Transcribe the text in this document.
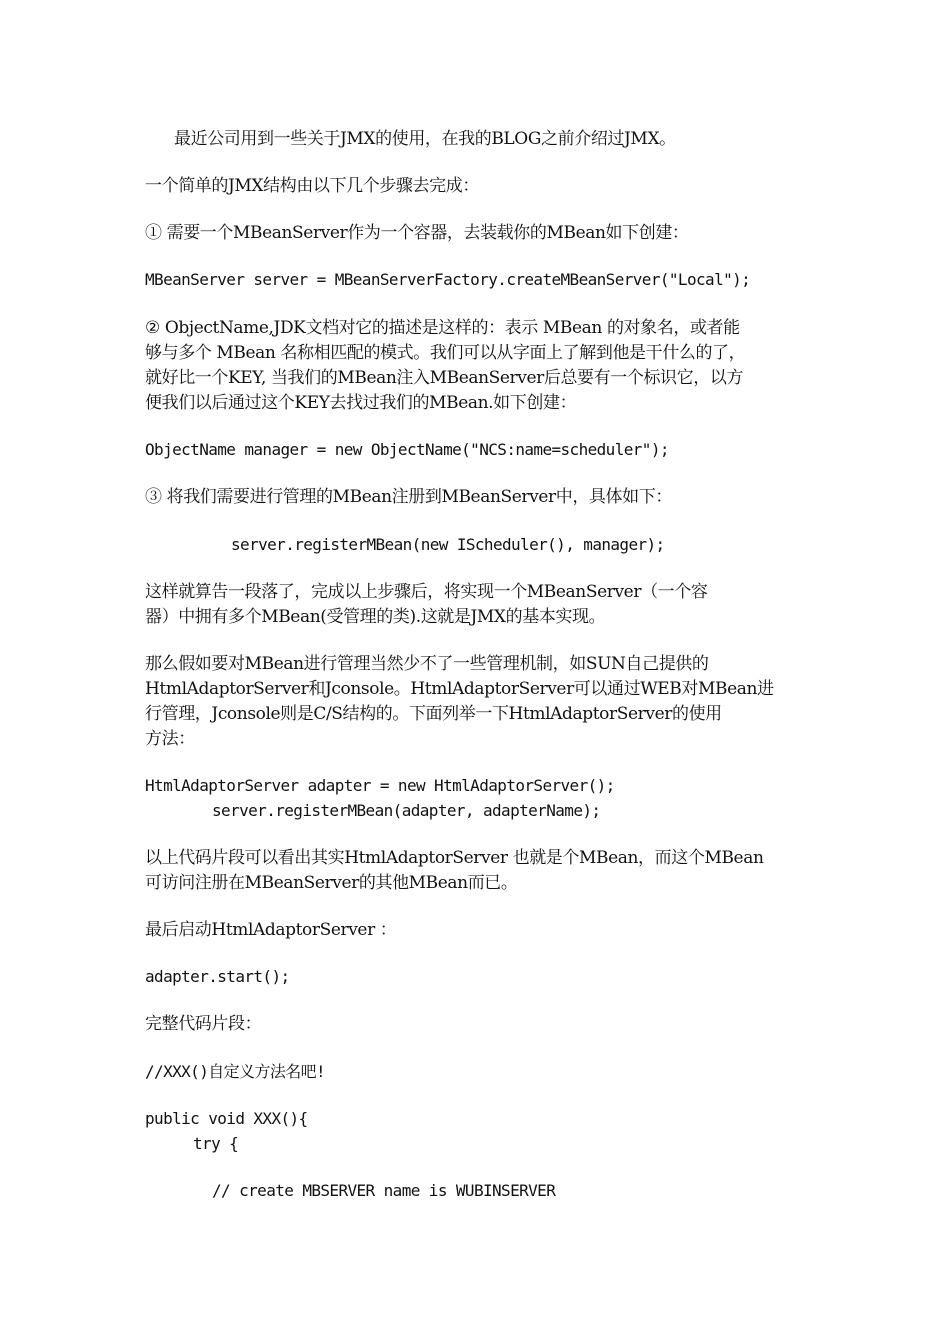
最近公司用到一些关于JMX的使用，在我的BLOG之前介绍过JMX。

一个简单的JMX结构由以下几个步骤去完成：

① 需要一个MBeanServer作为一个容器，去装载你的MBean如下创建：

MBeanServer server = MBeanServerFactory.createMBeanServer("Local");

② ObjectName,JDK文档对它的描述是这样的：表示 MBean 的对象名，或者能

够与多个 MBean 名称相匹配的模式。我们可以从字面上了解到他是干什么的了，

就好比一个KEY, 当我们的MBean注入MBeanServer后总要有一个标识它，以方

便我们以后通过这个KEY去找过我们的MBean.如下创建：

ObjectName manager = new ObjectName("NCS:name=scheduler");

③ 将我们需要进行管理的MBean注册到MBeanServer中，具体如下：

server.registerMBean(new IScheduler(), manager);

这样就算告一段落了，完成以上步骤后，将实现一个MBeanServer（一个容

器）中拥有多个MBean(受管理的类).这就是JMX的基本实现。

那么假如要对MBean进行管理当然少不了一些管理机制，如SUN自己提供的

HtmlAdaptorServer和Jconsole。HtmlAdaptorServer可以通过WEB对MBean进

行管理，Jconsole则是C/S结构的。下面列举一下HtmlAdaptorServer的使用

方法：

HtmlAdaptorServer adapter = new HtmlAdaptorServer();

server.registerMBean(adapter, adapterName);

以上代码片段可以看出其实HtmlAdaptorServer 也就是个MBean，而这个MBean

可访问注册在MBeanServer的其他MBean而已。

最后启动HtmlAdaptorServer ：

adapter.start();

完整代码片段：

//XXX()自定义方法名吧!

public void XXX(){

try {

// create MBSERVER name is WUBINSERVER
